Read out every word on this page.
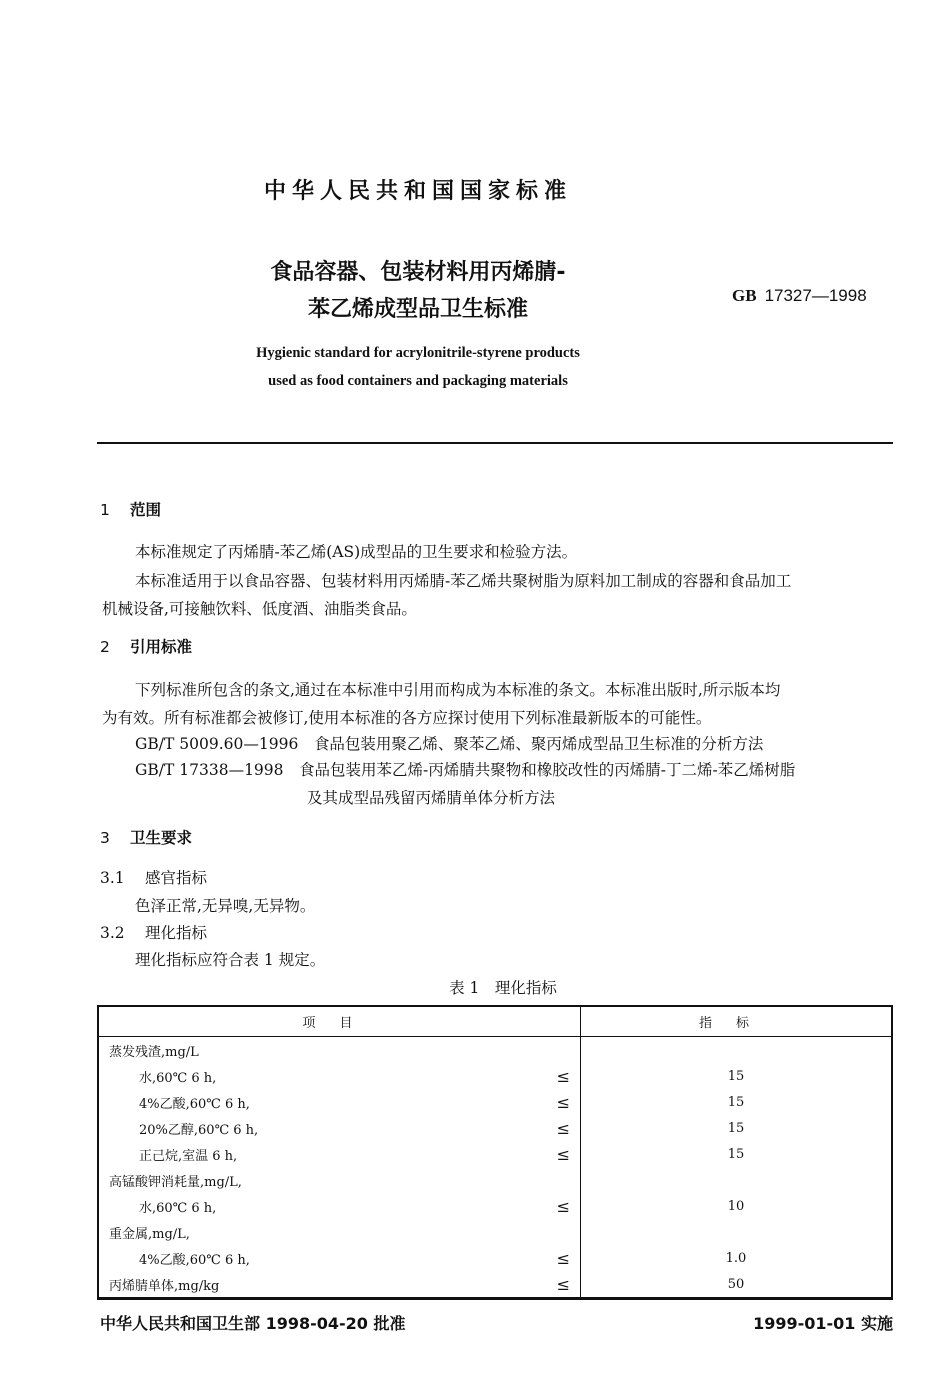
中华人民共和国国家标准
食品容器、包装材料用丙烯腈-
苯乙烯成型品卫生标准
GB 17327—1998
Hygienic standard for acrylonitrile-styrene products
used as food containers and packaging materials
1 范围
本标准规定了丙烯腈-苯乙烯(AS)成型品的卫生要求和检验方法。
本标准适用于以食品容器、包装材料用丙烯腈-苯乙烯共聚树脂为原料加工制成的容器和食品加工
机械设备,可接触饮料、低度酒、油脂类食品。
2 引用标准
下列标准所包含的条文,通过在本标准中引用而构成为本标准的条文。本标准出版时,所示版本均
为有效。所有标准都会被修订,使用本标准的各方应探讨使用下列标准最新版本的可能性。
GB/T 5009.60—1996　 食品包装用聚乙烯、聚苯乙烯、聚丙烯成型品卫生标准的分析方法
GB/T 17338—1998　 食品包装用苯乙烯-丙烯腈共聚物和橡胶改性的丙烯腈-丁二烯-苯乙烯树脂
及其成型品残留丙烯腈单体分析方法
3 卫生要求
3.1 感官指标
色泽正常,无异嗅,无异物。
3.2 理化指标
理化指标应符合表 1 规定。
表 1　理化指标
项目	指标
蒸发残渣,mg/L	
水,60℃ 6 h, ≤	15
4%乙酸,60℃ 6 h, ≤	15
20%乙醇,60℃ 6 h, ≤	15
正己烷,室温 6 h, ≤	15
高锰酸钾消耗量,mg/L,	
水,60℃ 6 h, ≤	10
重金属,mg/L,	
4%乙酸,60℃ 6 h, ≤	1.0
丙烯腈单体,mg/kg ≤	50
中华人民共和国卫生部 1998-04-20 批准	1999-01-01 实施
